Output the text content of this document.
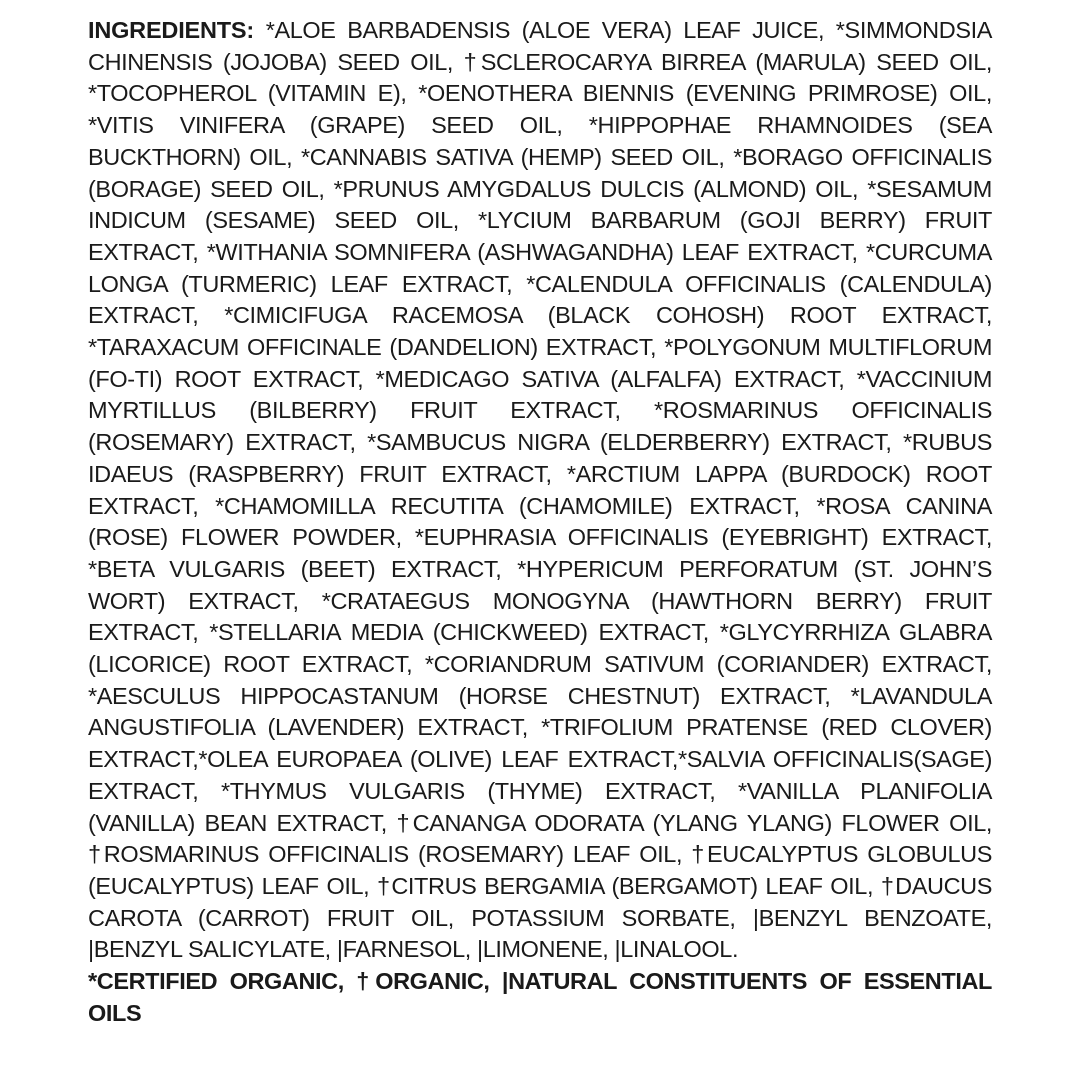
INGREDIENTS: *ALOE BARBADENSIS (ALOE VERA) LEAF JUICE, *SIMMONDSIA CHINENSIS (JOJOBA) SEED OIL, †SCLEROCARYA BIRREA (MARULA) SEED OIL, *TOCOPHEROL (VITAMIN E), *OENOTHERA BIENNIS (EVENING PRIMROSE) OIL, *VITIS VINIFERA (GRAPE) SEED OIL, *HIPPOPHAE RHAMNOIDES (SEA BUCKTHORN) OIL, *CANNABIS SATIVA (HEMP) SEED OIL, *BORAGO OFFICINALIS (BORAGE) SEED OIL, *PRUNUS AMYGDALUS DULCIS (ALMOND) OIL, *SESAMUM INDICUM (SESAME) SEED OIL, *LYCIUM BARBARUM (GOJI BERRY) FRUIT EXTRACT, *WITHANIA SOMNIFERA (ASHWAGANDHA) LEAF EXTRACT, *CURCUMA LONGA (TURMERIC) LEAF EXTRACT, *CALENDULA OFFICINALIS (CALENDULA) EXTRACT, *CIMICIFUGA RACEMOSA (BLACK COHOSH) ROOT EXTRACT, *TARAXACUM OFFICINALE (DANDELION) EXTRACT, *POLYGONUM MULTIFLORUM (FO-TI) ROOT EXTRACT, *MEDICAGO SATIVA (ALFALFA) EXTRACT, *VACCINIUM MYRTILLUS (BILBERRY) FRUIT EXTRACT, *ROSMARINUS OFFICINALIS (ROSEMARY) EXTRACT, *SAMBUCUS NIGRA (ELDERBERRY) EXTRACT, *RUBUS IDAEUS (RASPBERRY) FRUIT EXTRACT, *ARCTIUM LAPPA (BURDOCK) ROOT EXTRACT, *CHAMOMILLA RECUTITA (CHAMOMILE) EXTRACT, *ROSA CANINA (ROSE) FLOWER POWDER, *EUPHRASIA OFFICINALIS (EYEBRIGHT) EXTRACT, *BETA VULGARIS (BEET) EXTRACT, *HYPERICUM PERFORATUM (ST. JOHN’S WORT) EXTRACT, *CRATAEGUS MONOGYNA (HAWTHORN BERRY) FRUIT EXTRACT, *STELLARIA MEDIA (CHICKWEED) EXTRACT, *GLYCYRRHIZA GLABRA (LICORICE) ROOT EXTRACT, *CORIANDRUM SATIVUM (CORIANDER) EXTRACT, *AESCULUS HIPPOCASTANUM (HORSE CHESTNUT) EXTRACT, *LAVANDULA ANGUSTIFOLIA (LAVENDER) EXTRACT, *TRIFOLIUM PRATENSE (RED CLOVER) EXTRACT,*OLEA EUROPAEA (OLIVE) LEAF EXTRACT,*SALVIA OFFICINALIS(SAGE) EXTRACT, *THYMUS VULGARIS (THYME) EXTRACT, *VANILLA PLANIFOLIA (VANILLA) BEAN EXTRACT, †CANANGA ODORATA (YLANG YLANG) FLOWER OIL, †ROSMARINUS OFFICINALIS (ROSEMARY) LEAF OIL, †EUCALYPTUS GLOBULUS (EUCALYPTUS) LEAF OIL, †CITRUS BERGAMIA (BERGAMOT) LEAF OIL, †DAUCUS CAROTA (CARROT) FRUIT OIL, POTASSIUM SORBATE, |BENZYL BENZOATE, |BENZYL SALICYLATE, |FARNESOL, |LIMONENE, |LINALOOL.

*CERTIFIED ORGANIC, †ORGANIC, |NATURAL CONSTITUENTS OF ESSENTIAL OILS
